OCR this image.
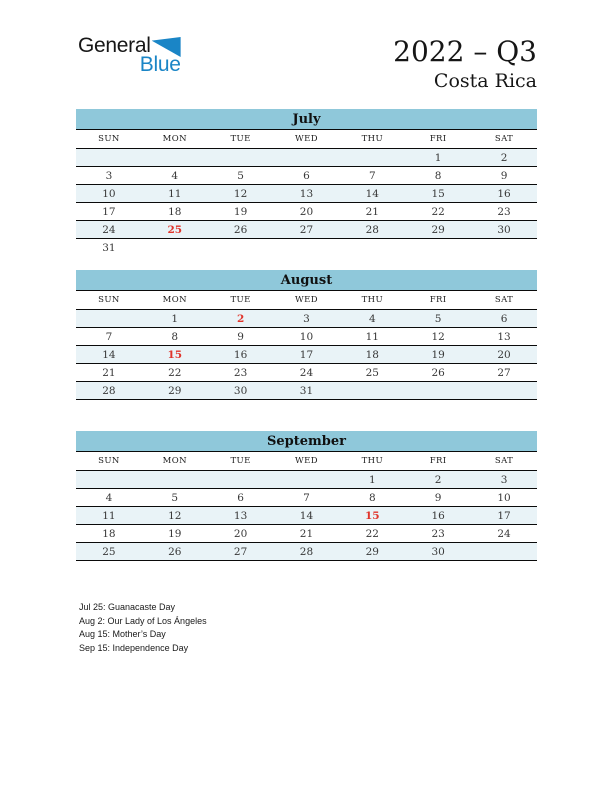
General
Blue	2022 – Q3
Costa Rica
July						
SUN	MON	TUE	WED	THU	FRI	SAT
					1	2
3	4	5	6	7	8	9
10	11	12	13	14	15	16
17	18	19	20	21	22	23
24	25	26	27	28	29	30
31						
August						
SUN	MON	TUE	WED	THU	FRI	SAT
	1	2	3	4	5	6
7	8	9	10	11	12	13
14	15	16	17	18	19	20
21	22	23	24	25	26	27
28	29	30	31			
September						
SUN	MON	TUE	WED	THU	FRI	SAT
				1	2	3
4	5	6	7	8	9	10
11	12	13	14	15	16	17
18	19	20	21	22	23	24
25	26	27	28	29	30	
Jul 25: Guanacaste Day
Aug 2: Our Lady of Los Ángeles
Aug 15: Mother’s Day
Sep 15: Independence Day
